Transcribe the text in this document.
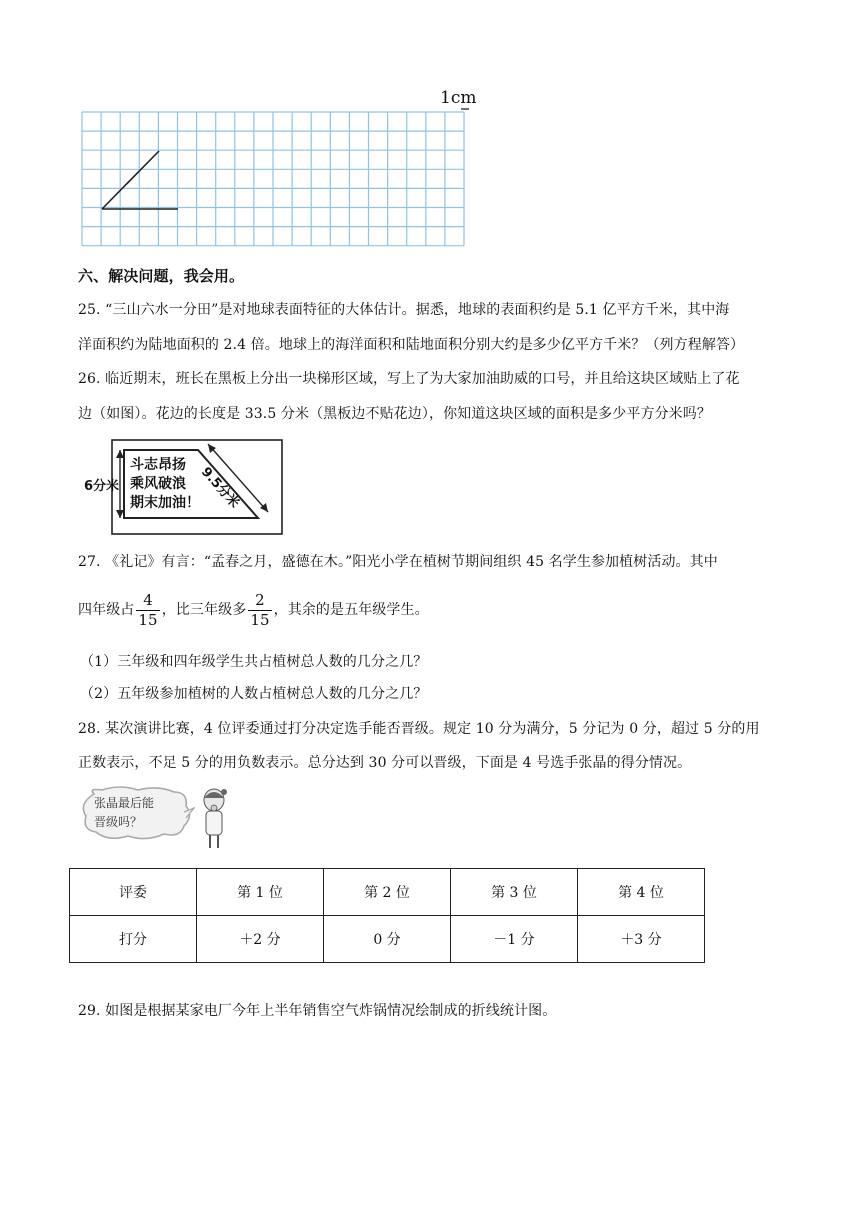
1cm
六、解决问题，我会用。
25. “三山六水一分田”是对地球表面特征的大体估计。据悉，地球的表面积约是 5.1 亿平方千米，其中海
洋面积约为陆地面积的 2.4 倍。地球上的海洋面积和陆地面积分别大约是多少亿平方千米？（列方程解答）
26. 临近期末，班长在黑板上分出一块梯形区域，写上了为大家加油助威的口号，并且给这块区域贴上了花
边（如图）。花边的长度是 33.5 分米（黑板边不贴花边），你知道这块区域的面积是多少平方分米吗？
6分米	9.5分米
斗志昂扬
乘风破浪
期末加油！
27. 《礼记》有言：“孟春之月，盛德在木。”阳光小学在植树节期间组织 45 名学生参加植树活动。其中
四年级占 $\frac{4}{15}$ ，比三年级多 $\frac{2}{15}$ ，其余的是五年级学生。
（1）三年级和四年级学生共占植树总人数的几分之几？
（2）五年级参加植树的人数占植树总人数的几分之几？
28. 某次演讲比赛，4 位评委通过打分决定选手能否晋级。规定 10 分为满分，5 分记为 0 分，超过 5 分的用
正数表示，不足 5 分的用负数表示。总分达到 30 分可以晋级，下面是 4 号选手张晶的得分情况。
张晶最后能
晋级吗？
评委	第 1 位	第 2 位	第 3 位	第 4 位
打分	＋2 分	0 分	－1 分	＋3 分
29. 如图是根据某家电厂今年上半年销售空气炸锅情况绘制成的折线统计图。
